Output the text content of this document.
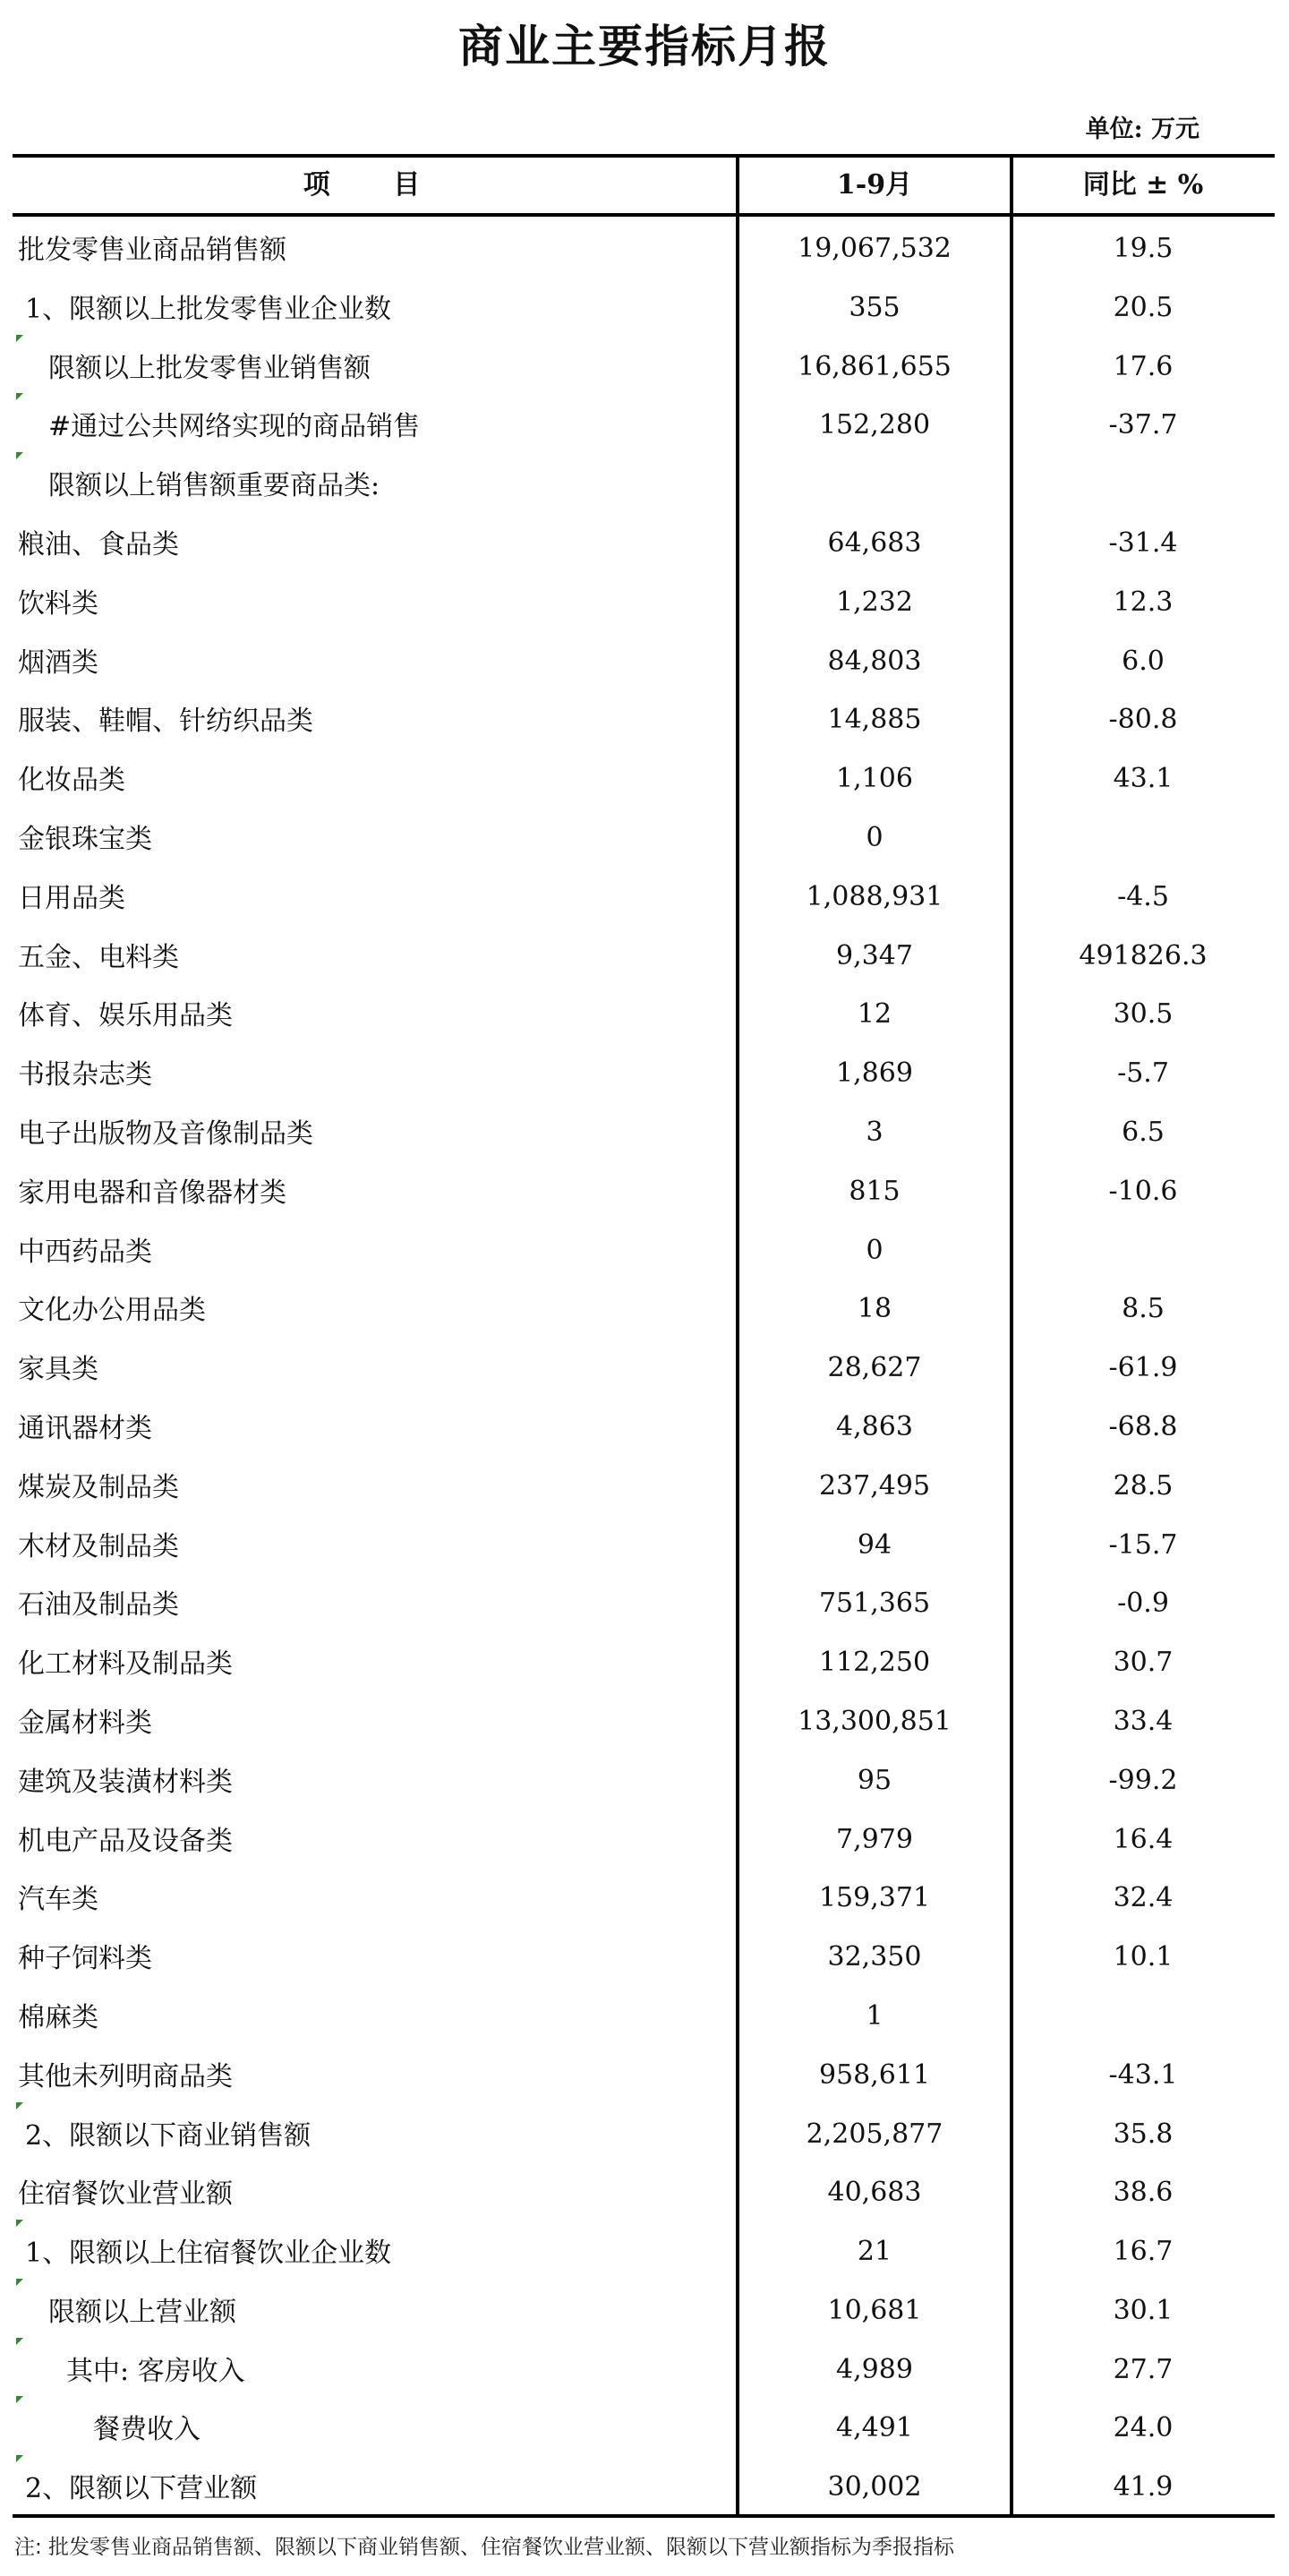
商业主要指标月报
单位: 万元
项 目	1-9月	同比 ± %
批发零售业商品销售额	19,067,532	19.5
1、限额以上批发零售业企业数	355	20.5
限额以上批发零售业销售额	16,861,655	17.6
#通过公共网络实现的商品销售	152,280	-37.7
限额以上销售额重要商品类:
粮油、食品类	64,683	-31.4
饮料类	1,232	12.3
烟酒类	84,803	6.0
服装、鞋帽、针纺织品类	14,885	-80.8
化妆品类	1,106	43.1
金银珠宝类	0
日用品类	1,088,931	-4.5
五金、电料类	9,347	491826.3
体育、娱乐用品类	12	30.5
书报杂志类	1,869	-5.7
电子出版物及音像制品类	3	6.5
家用电器和音像器材类	815	-10.6
中西药品类	0
文化办公用品类	18	8.5
家具类	28,627	-61.9
通讯器材类	4,863	-68.8
煤炭及制品类	237,495	28.5
木材及制品类	94	-15.7
石油及制品类	751,365	-0.9
化工材料及制品类	112,250	30.7
金属材料类	13,300,851	33.4
建筑及装潢材料类	95	-99.2
机电产品及设备类	7,979	16.4
汽车类	159,371	32.4
种子饲料类	32,350	10.1
棉麻类	1
其他未列明商品类	958,611	-43.1
2、限额以下商业销售额	2,205,877	35.8
住宿餐饮业营业额	40,683	38.6
1、限额以上住宿餐饮业企业数	21	16.7
限额以上营业额	10,681	30.1
其中: 客房收入	4,989	27.7
餐费收入	4,491	24.0
2、限额以下营业额	30,002	41.9
注: 批发零售业商品销售额、限额以下商业销售额、住宿餐饮业营业额、限额以下营业额指标为季报指标
